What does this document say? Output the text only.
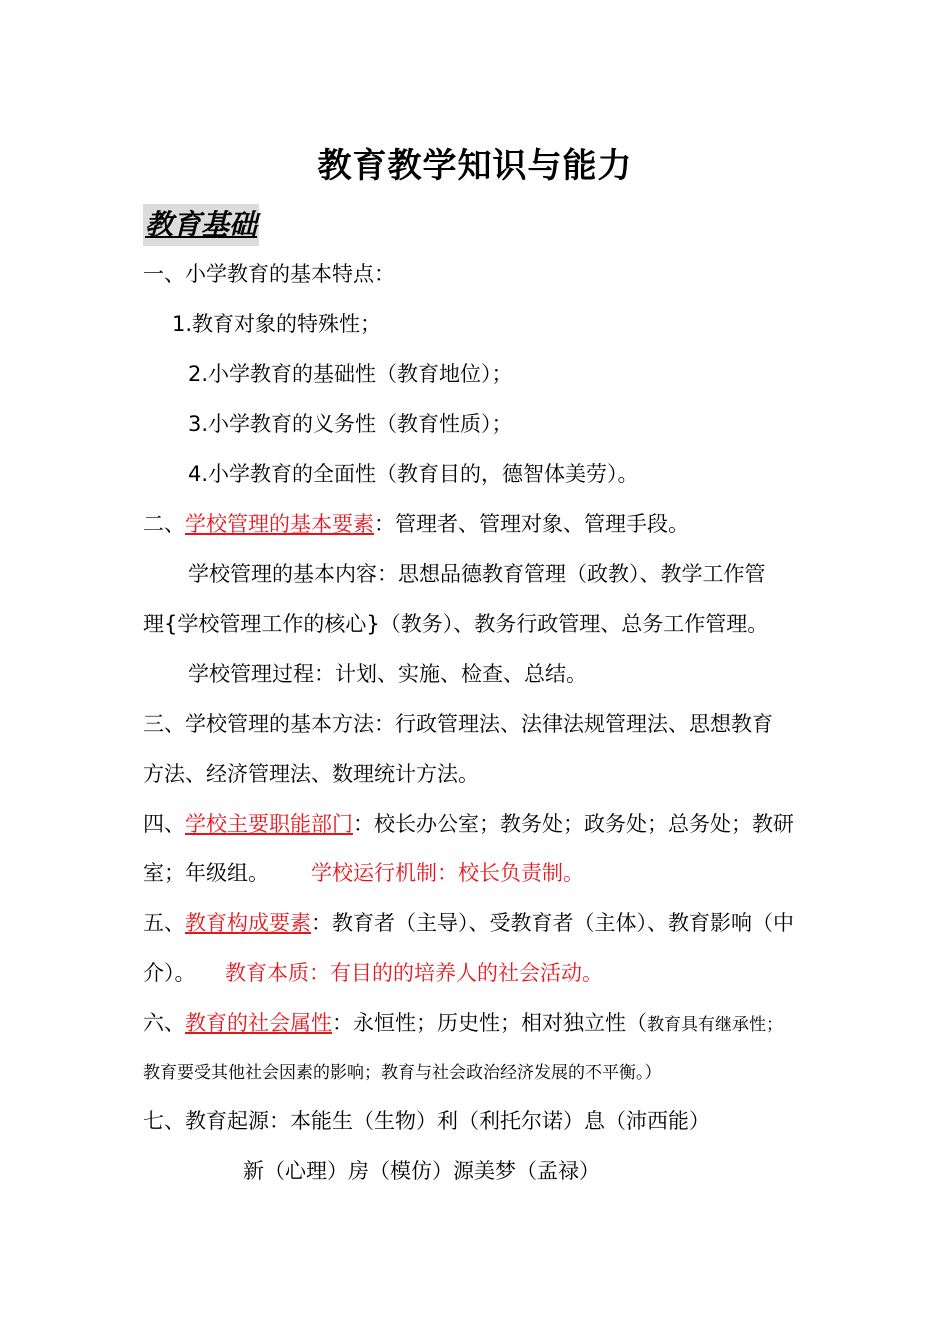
教育教学知识与能力
教育基础
一、小学教育的基本特点：
1.教育对象的特殊性；
2.小学教育的基础性（教育地位）；
3.小学教育的义务性（教育性质）；
4.小学教育的全面性（教育目的，德智体美劳）。
二、学校管理的基本要素：管理者、管理对象、管理手段。
学校管理的基本内容：思想品德教育管理（政教）、教学工作管
理{学校管理工作的核心}（教务）、教务行政管理、总务工作管理。
学校管理过程：计划、实施、检查、总结。
三、学校管理的基本方法：行政管理法、法律法规管理法、思想教育
方法、经济管理法、数理统计方法。
四、学校主要职能部门：校长办公室；教务处；政务处；总务处；教研
室；年级组。 学校运行机制：校长负责制。
五、教育构成要素：教育者（主导）、受教育者（主体）、教育影响（中
介）。 教育本质：有目的的培养人的社会活动。
六、教育的社会属性：永恒性；历史性；相对独立性（教育具有继承性；
教育要受其他社会因素的影响；教育与社会政治经济发展的不平衡。）
七、教育起源：本能生（生物）利（利托尔诺）息（沛西能）
新（心理）房（模仿）源美梦（孟禄）
